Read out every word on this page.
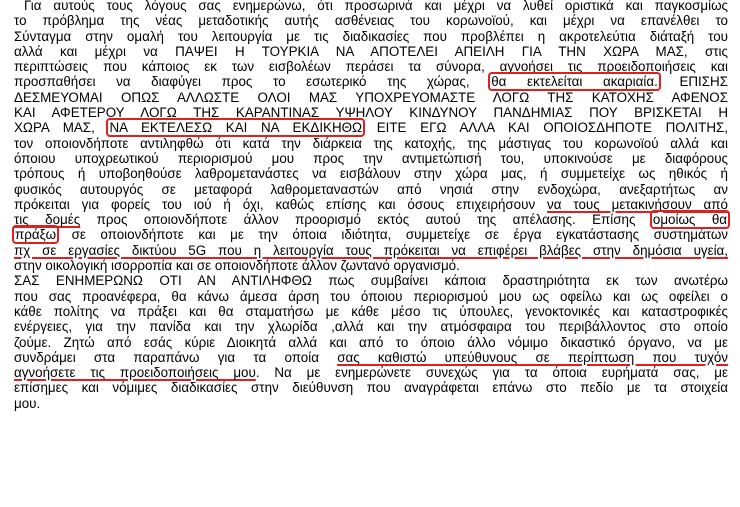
Για αυτούς τους λόγους σας ενημερώνω, ότι προσωρινά και μέχρι να λυθεί οριστικά και παγκοσμίως
το πρόβλημα της νέας μεταδοτικής αυτής ασθένειας του κορωνοϊού, και μέχρι να επανέλθει το
Σύνταγμα στην ομαλή του λειτουργία με τις διαδικασίες που προβλέπει η ακροτελεύτια διάταξή του
αλλά και μέχρι να ΠΑΨΕΙ Η ΤΟΥΡΚΙΑ ΝΑ ΑΠΟΤΕΛΕΙ ΑΠΕΙΛΗ ΓΙΑ ΤΗΝ ΧΩΡΑ ΜΑΣ, στις
περιπτώσεις που κάποιος εκ των εισβολέων περάσει τα σύνορα, αγνοήσει τις προειδοποιήσεις και
προσπαθήσει να διαφύγει προς το εσωτερικό της χώρας, θα εκτελείται ακαριαία. ΕΠΙΣΗΣ
ΔΕΣΜΕΥΟΜΑΙ ΟΠΩΣ ΑΛΛΩΣΤΕ ΟΛΟΙ ΜΑΣ ΥΠΟΧΡΕΥΟΜΑΣΤΕ ΛΟΓΩ ΤΗΣ ΚΑΤΟΧΗΣ ΑΦΕΝΟΣ
ΚΑΙ ΑΦΕΤΕΡΟΥ ΛΟΓΩ ΤΗΣ ΚΑΡΑΝΤΙΝΑΣ ΥΨΗΛΟΥ ΚΙΝΔΥΝΟΥ ΠΑΝΔΗΜΙΑΣ ΠΟΥ ΒΡΙΣΚΕΤΑΙ Η
ΧΩΡΑ ΜΑΣ, ΝΑ ΕΚΤΕΛΕΣΩ ΚΑΙ ΝΑ ΕΚΔΙΚΗΘΩ ΕΙΤΕ ΕΓΩ ΑΛΛΑ ΚΑΙ ΟΠΟΙΟΣΔΗΠΟΤΕ ΠΟΛΙΤΗΣ,
τον οποιονδήποτε αντιληφθώ ότι κατά την διάρκεια της κατοχής, της μάστιγας του κορωνοϊού αλλά και
όποιου υποχρεωτικού περιορισμού μου προς την αντιμετώπισή του, υποκινούσε με διαφόρους
τρόπους ή υποβοηθούσε λαθρομετανάστες να εισβάλουν στην χώρα μας, ή συμμετείχε ως ηθικός ή
φυσικός αυτουργός σε μεταφορά λαθρομεταναστών από νησιά στην ενδοχώρα, ανεξαρτήτως αν
πρόκειται για φορείς του ιού ή όχι, καθώς επίσης και όσους επιχειρήσουν να τους μετακινήσουν από
τις δομές προς οποιονδήποτε άλλον προορισμό εκτός αυτού της απέλασης. Επίσης ομοίως θα
πράξω σε οποιονδήποτε και με την όποια ιδιότητα, συμμετείχε σε έργα εγκατάστασης συστημάτων
πχ σε εργασίες δικτύου 5G που η λειτουργία τους πρόκειται να επιφέρει βλάβες στην δημόσια υγεία,
στην οικολογική ισορροπία και σε οποιονδήποτε άλλον ζωντανό οργανισμό.
ΣΑΣ ΕΝΗΜΕΡΩΝΩ ΟΤΙ ΑΝ ΑΝΤΙΛΗΦΘΩ πως συμβαίνει κάποια δραστηριότητα εκ των ανωτέρω
που σας προανέφερα, θα κάνω άμεσα άρση του όποιου περιορισμού μου ως οφείλω και ως οφείλει ο
κάθε πολίτης να πράξει και θα σταματήσω με κάθε μέσο τις ύπουλες, γενοκτονικές και καταστροφικές
ενέργειες, για την πανίδα και την χλωρίδα ,αλλά και την ατμόσφαιρα του περιβάλλοντος στο οποίο
ζούμε. Ζητώ από εσάς κύριε Διοικητά αλλά και από το όποιο άλλο νόμιμο δικαστικό όργανο, να με
συνδράμει στα παραπάνω για τα οποία σας καθιστώ υπεύθυνους σε περίπτωση που τυχόν
αγνοήσετε τις προειδοποιήσεις μου. Να με ενημερώνετε συνεχώς για τα όποια ευρήματά σας, με
επίσημες και νόμιμες διαδικασίες στην διεύθυνση που αναγράφεται επάνω στο πεδίο με τα στοιχεία
μου.
